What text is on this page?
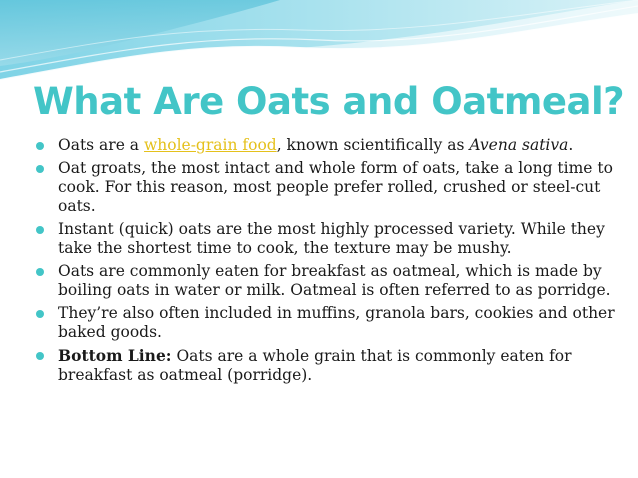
What Are Oats and Oatmeal?
Oats are a whole-grain food, known scientifically as Avena sativa.
Oat groats, the most intact and whole form of oats, take a long time to cook. For this reason, most people prefer rolled, crushed or steel-cut oats.
Instant (quick) oats are the most highly processed variety. While they take the shortest time to cook, the texture may be mushy.
Oats are commonly eaten for breakfast as oatmeal, which is made by boiling oats in water or milk. Oatmeal is often referred to as porridge.
They’re also often included in muffins, granola bars, cookies and other baked goods.
Bottom Line: Oats are a whole grain that is commonly eaten for breakfast as oatmeal (porridge).
